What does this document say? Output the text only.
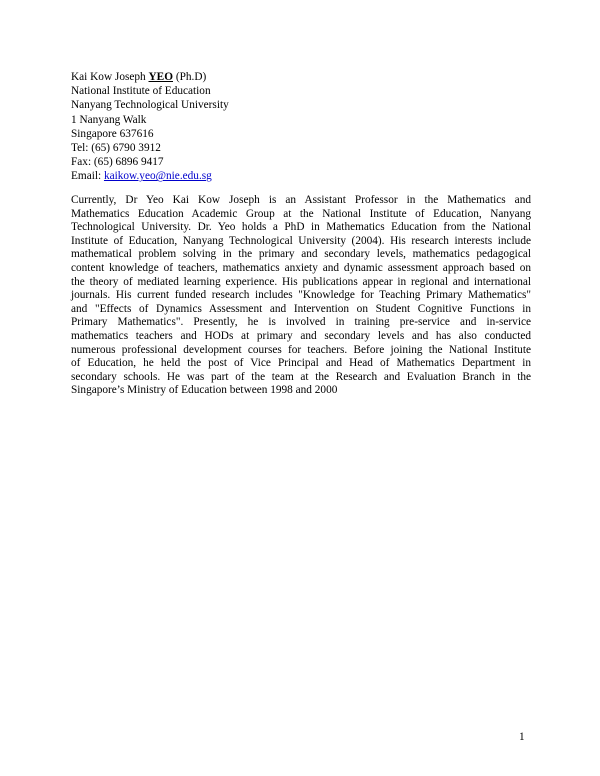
Kai Kow Joseph YEO (Ph.D)
National Institute of Education
Nanyang Technological University
1 Nanyang Walk
Singapore 637616
Tel: (65) 6790 3912
Fax: (65) 6896 9417
Email: kaikow.yeo@nie.edu.sg
Currently, Dr Yeo Kai Kow Joseph is an Assistant Professor in the Mathematics and
Mathematics Education Academic Group at the National Institute of Education, Nanyang
Technological University. Dr. Yeo holds a PhD in Mathematics Education from the National
Institute of Education, Nanyang Technological University (2004). His research interests include
mathematical problem solving in the primary and secondary levels, mathematics pedagogical
content knowledge of teachers, mathematics anxiety and dynamic assessment approach based on
the theory of mediated learning experience. His publications appear in regional and international
journals. His current funded research includes "Knowledge for Teaching Primary Mathematics"
and "Effects of Dynamics Assessment and Intervention on Student Cognitive Functions in
Primary Mathematics". Presently, he is involved in training pre-service and in-service
mathematics teachers and HODs at primary and secondary levels and has also conducted
numerous professional development courses for teachers. Before joining the National Institute
of Education, he held the post of Vice Principal and Head of Mathematics Department in
secondary schools. He was part of the team at the Research and Evaluation Branch in the
Singapore’s Ministry of Education between 1998 and 2000
1
